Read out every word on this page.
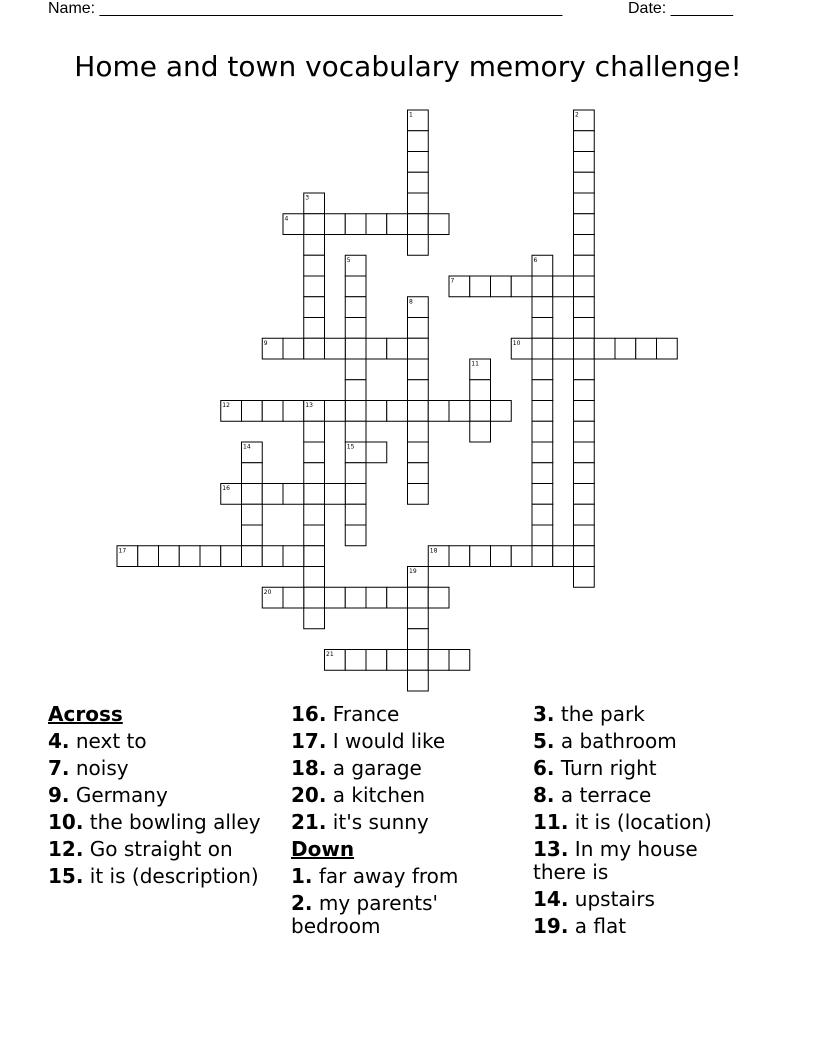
Name: ____________________________________________________	Date: _______
Home and town vocabulary memory challenge!
1	2
3
4
5	6
7
8
9	10
11
12	13
14	15
16
17	18
19
20
21
Across
4. next to
7. noisy
9. Germany
10. the bowling alley
12. Go straight on
15. it is (description)
16. France
17. I would like
18. a garage
20. a kitchen
21. it's sunny
Down
1. far away from
2. my parents' bedroom
3. the park
5. a bathroom
6. Turn right
8. a terrace
11. it is (location)
13. In my house there is
14. upstairs
19. a flat
